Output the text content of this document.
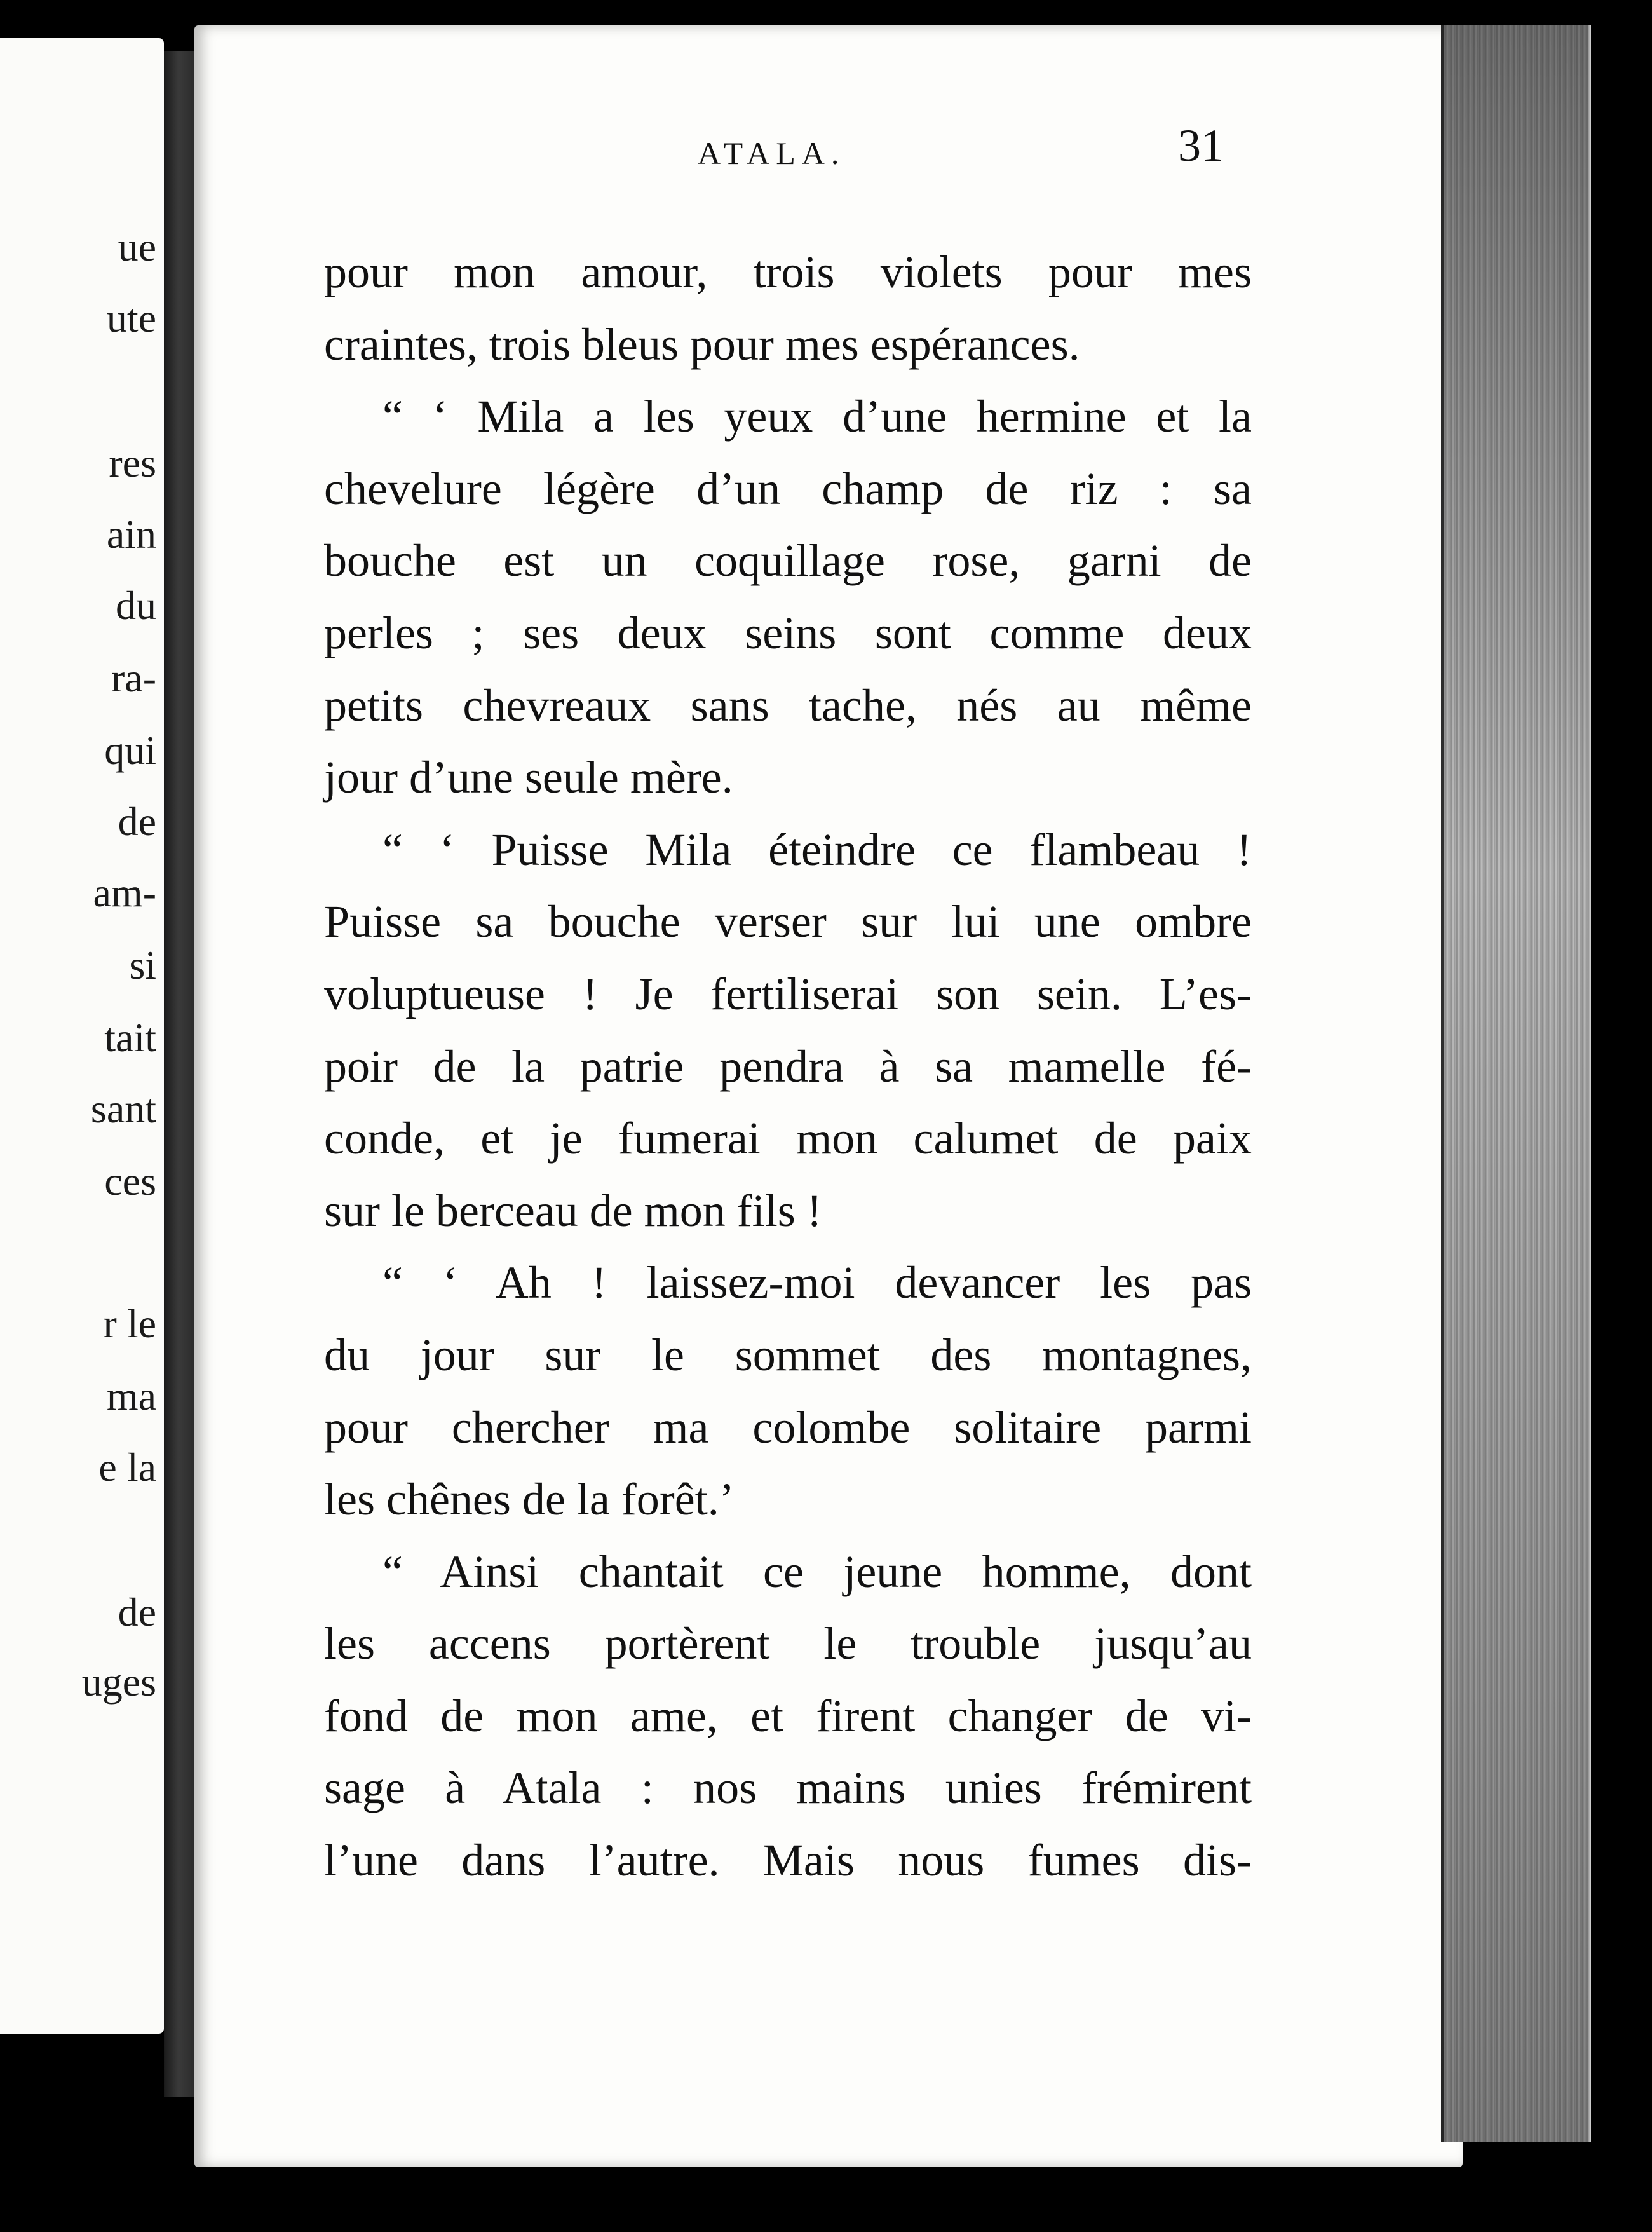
ue
ute
res
ain
du
ra-
qui
de
am-
si
tait
sant
ces
r le
ma
e la
de
uges
ATALA.	31
pour mon amour, trois violets pour mes
craintes, trois bleus pour mes espérances.
“ ‘ Mila a les yeux d’une hermine et la
chevelure légère d’un champ de riz : sa
bouche est un coquillage rose, garni de
perles ; ses deux seins sont comme deux
petits chevreaux sans tache, nés au même
jour d’une seule mère.
“ ‘ Puisse Mila éteindre ce flambeau !
Puisse sa bouche verser sur lui une ombre
voluptueuse ! Je fertiliserai son sein. L’es-
poir de la patrie pendra à sa mamelle fé-
conde, et je fumerai mon calumet de paix
sur le berceau de mon fils !
“ ‘ Ah ! laissez-moi devancer les pas
du jour sur le sommet des montagnes,
pour chercher ma colombe solitaire parmi
les chênes de la forêt.’
“ Ainsi chantait ce jeune homme, dont
les accens portèrent le trouble jusqu’au
fond de mon ame, et firent changer de vi-
sage à Atala : nos mains unies frémirent
l’une dans l’autre. Mais nous fumes dis-
